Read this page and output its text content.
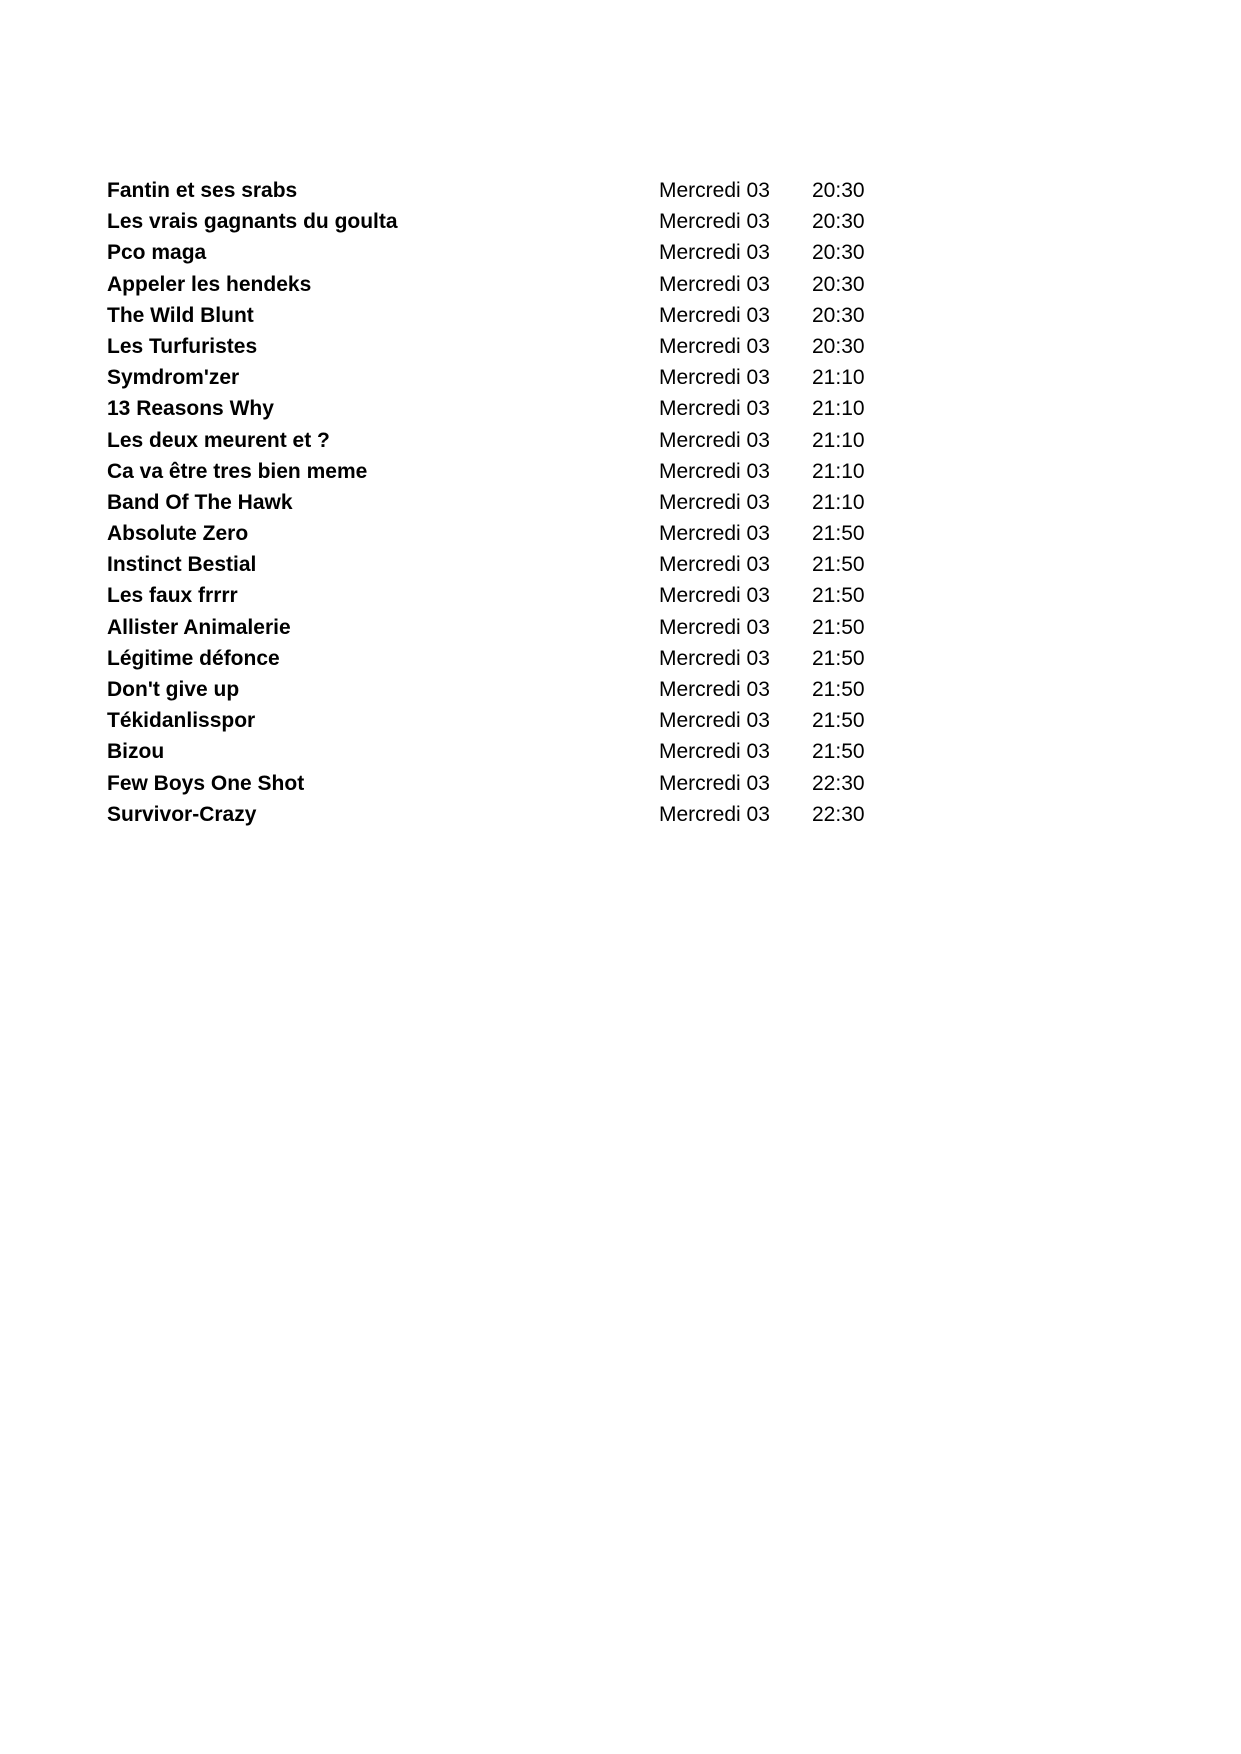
Fantin et ses srabs	Mercredi 03 20:30
Les vrais gagnants du goulta	Mercredi 03 20:30
Pco maga	Mercredi 03 20:30
Appeler les hendeks	Mercredi 03 20:30
The Wild Blunt	Mercredi 03 20:30
Les Turfuristes	Mercredi 03 20:30
Symdrom'zer	Mercredi 03 21:10
13 Reasons Why	Mercredi 03 21:10
Les deux meurent et ?	Mercredi 03 21:10
Ca va être tres bien meme	Mercredi 03 21:10
Band Of The Hawk	Mercredi 03 21:10
Absolute Zero	Mercredi 03 21:50
Instinct Bestial	Mercredi 03 21:50
Les faux frrrr	Mercredi 03 21:50
Allister Animalerie	Mercredi 03 21:50
Légitime défonce	Mercredi 03 21:50
Don't give up	Mercredi 03 21:50
Tékidanlisspor	Mercredi 03 21:50
Bizou	Mercredi 03 21:50
Few Boys One Shot	Mercredi 03 22:30
Survivor-Crazy	Mercredi 03 22:30
